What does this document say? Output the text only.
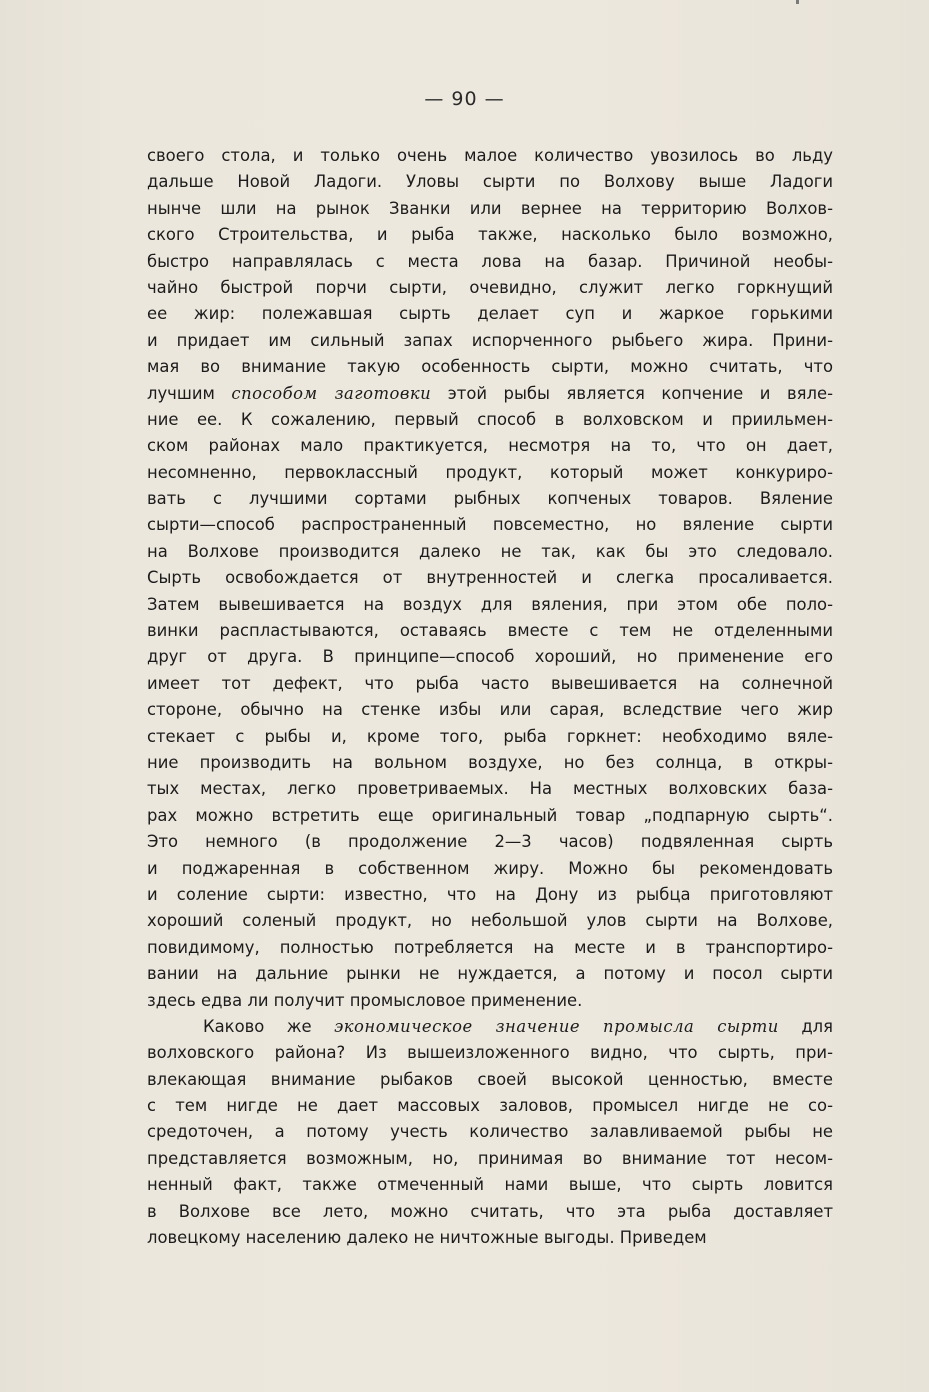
— 90 —
своего стола, и только очень малое количество увозилось во льду
дальше Новой Ладоги. Уловы сырти по Волхову выше Ладоги
нынче шли на рынок Званки или вернее на территорию Волхов-
ского Строительства, и рыба также, насколько было возможно,
быстро направлялась с места лова на базар. Причиной необы-
чайно быстрой порчи сырти, очевидно, служит легко горкнущий
ее жир: полежавшая сырть делает суп и жаркое горькими
и придает им сильный запах испорченного рыбьего жира. Прини-
мая во внимание такую особенность сырти, можно считать, что
лучшим способом заготовки этой рыбы является копчение и вяле-
ние ее. К сожалению, первый способ в волховском и приильмен-
ском районах мало практикуется, несмотря на то, что он дает,
несомненно, первоклассный продукт, который может конкуриро-
вать с лучшими сортами рыбных копченых товаров. Вяление
сырти—способ распространенный повсеместно, но вяление сырти
на Волхове производится далеко не так, как бы это следовало.
Сырть освобождается от внутренностей и слегка просаливается.
Затем вывешивается на воздух для вяления, при этом обе поло-
винки распластываются, оставаясь вместе с тем не отделенными
друг от друга. В принципе—способ хороший, но применение его
имеет тот дефект, что рыба часто вывешивается на солнечной
стороне, обычно на стенке избы или сарая, вследствие чего жир
стекает с рыбы и, кроме того, рыба горкнет: необходимо вяле-
ние производить на вольном воздухе, но без солнца, в откры-
тых местах, легко проветриваемых. На местных волховских база-
рах можно встретить еще оригинальный товар „подпарную сырть“.
Это немного (в продолжение 2—3 часов) подвяленная сырть
и поджаренная в собственном жиру. Можно бы рекомендовать
и соление сырти: известно, что на Дону из рыбца приготовляют
хороший соленый продукт, но небольшой улов сырти на Волхове,
повидимому, полностью потребляется на месте и в транспортиро-
вании на дальние рынки не нуждается, а потому и посол сырти
здесь едва ли получит промысловое применение.
Каково же экономическое значение промысла сырти для
волховского района? Из вышеизложенного видно, что сырть, при-
влекающая внимание рыбаков своей высокой ценностью, вместе
с тем нигде не дает массовых заловов, промысел нигде не со-
средоточен, а потому учесть количество залавливаемой рыбы не
представляется возможным, но, принимая во внимание тот несом-
ненный факт, также отмеченный нами выше, что сырть ловится
в Волхове все лето, можно считать, что эта рыба доставляет
ловецкому населению далеко не ничтожные выгоды. Приведем
